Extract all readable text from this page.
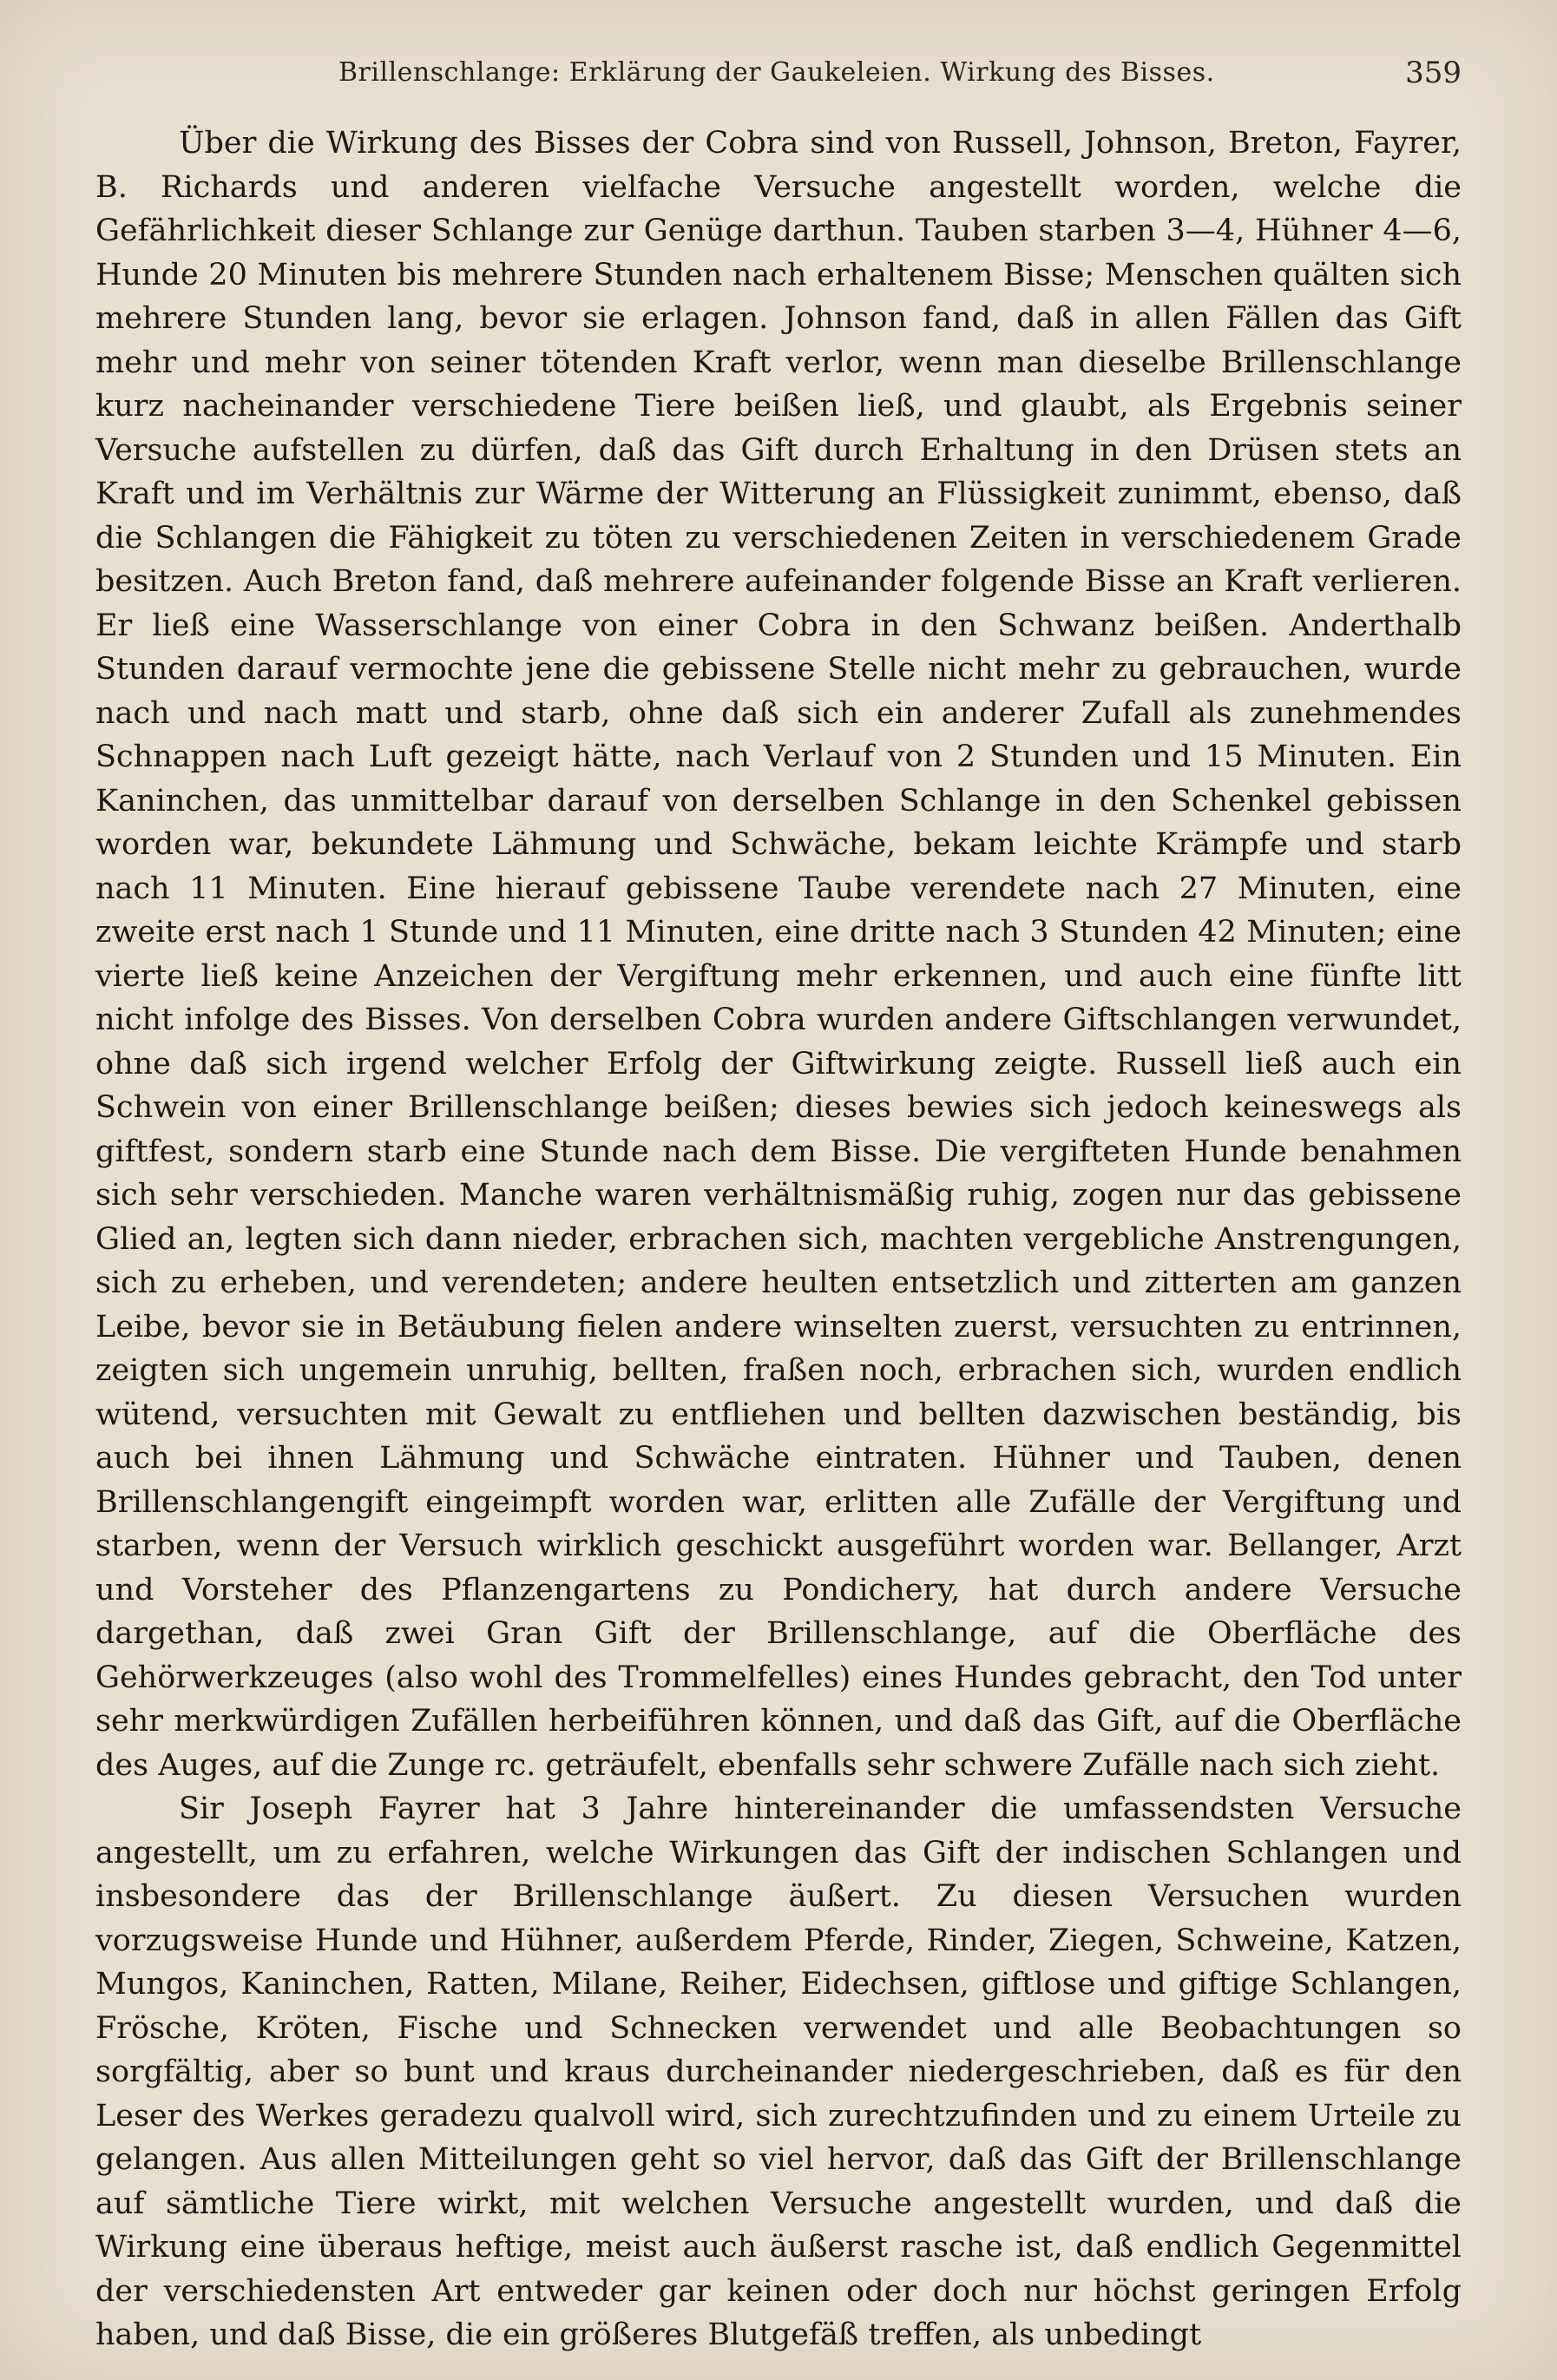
Brillenschlange: Erklärung der Gaukeleien. Wirkung des Bisses.	359

Über die Wirkung des Bisses der Cobra sind von Russell, Johnson, Breton, Fayrer, B. Richards und anderen vielfache Versuche angestellt worden, welche die Gefährlichkeit dieser Schlange zur Genüge darthun. Tauben starben 3—4, Hühner 4—6, Hunde 20 Minuten bis mehrere Stunden nach erhaltenem Bisse; Menschen quälten sich mehrere Stunden lang, bevor sie erlagen. Johnson fand, daß in allen Fällen das Gift mehr und mehr von seiner tötenden Kraft verlor, wenn man dieselbe Brillenschlange kurz nacheinander verschiedene Tiere beißen ließ, und glaubt, als Ergebnis seiner Versuche aufstellen zu dürfen, daß das Gift durch Erhaltung in den Drüsen stets an Kraft und im Verhältnis zur Wärme der Witterung an Flüssigkeit zunimmt, ebenso, daß die Schlangen die Fähigkeit zu töten zu verschiedenen Zeiten in verschiedenem Grade besitzen. Auch Breton fand, daß mehrere aufeinander folgende Bisse an Kraft verlieren. Er ließ eine Wasserschlange von einer Cobra in den Schwanz beißen. Anderthalb Stunden darauf vermochte jene die gebissene Stelle nicht mehr zu gebrauchen, wurde nach und nach matt und starb, ohne daß sich ein anderer Zufall als zunehmendes Schnappen nach Luft gezeigt hätte, nach Verlauf von 2 Stunden und 15 Minuten. Ein Kaninchen, das unmittelbar darauf von derselben Schlange in den Schenkel gebissen worden war, bekundete Lähmung und Schwäche, bekam leichte Krämpfe und starb nach 11 Minuten. Eine hierauf gebissene Taube verendete nach 27 Minuten, eine zweite erst nach 1 Stunde und 11 Minuten, eine dritte nach 3 Stunden 42 Minuten; eine vierte ließ keine Anzeichen der Vergiftung mehr erkennen, und auch eine fünfte litt nicht infolge des Bisses. Von derselben Cobra wurden andere Giftschlangen verwundet, ohne daß sich irgend welcher Erfolg der Giftwirkung zeigte. Russell ließ auch ein Schwein von einer Brillenschlange beißen; dieses bewies sich jedoch keineswegs als giftfest, sondern starb eine Stunde nach dem Bisse. Die vergifteten Hunde benahmen sich sehr verschieden. Manche waren verhältnismäßig ruhig, zogen nur das gebissene Glied an, legten sich dann nieder, erbrachen sich, machten vergebliche Anstrengungen, sich zu erheben, und verendeten; andere heulten entsetzlich und zitterten am ganzen Leibe, bevor sie in Betäubung fielen andere winselten zuerst, versuchten zu entrinnen, zeigten sich ungemein unruhig, bellten, fraßen noch, erbrachen sich, wurden endlich wütend, versuchten mit Gewalt zu entfliehen und bellten dazwischen beständig, bis auch bei ihnen Lähmung und Schwäche eintraten. Hühner und Tauben, denen Brillenschlangengift eingeimpft worden war, erlitten alle Zufälle der Vergiftung und starben, wenn der Versuch wirklich geschickt ausgeführt worden war. Bellanger, Arzt und Vorsteher des Pflanzengartens zu Pondichery, hat durch andere Versuche dargethan, daß zwei Gran Gift der Brillenschlange, auf die Oberfläche des Gehörwerkzeuges (also wohl des Trommelfelles) eines Hundes gebracht, den Tod unter sehr merkwürdigen Zufällen herbeiführen können, und daß das Gift, auf die Oberfläche des Auges, auf die Zunge rc. geträufelt, ebenfalls sehr schwere Zufälle nach sich zieht.

Sir Joseph Fayrer hat 3 Jahre hintereinander die umfassendsten Versuche angestellt, um zu erfahren, welche Wirkungen das Gift der indischen Schlangen und insbesondere das der Brillenschlange äußert. Zu diesen Versuchen wurden vorzugsweise Hunde und Hühner, außerdem Pferde, Rinder, Ziegen, Schweine, Katzen, Mungos, Kaninchen, Ratten, Milane, Reiher, Eidechsen, giftlose und giftige Schlangen, Frösche, Kröten, Fische und Schnecken verwendet und alle Beobachtungen so sorgfältig, aber so bunt und kraus durcheinander niedergeschrieben, daß es für den Leser des Werkes geradezu qualvoll wird, sich zurechtzufinden und zu einem Urteile zu gelangen. Aus allen Mitteilungen geht so viel hervor, daß das Gift der Brillenschlange auf sämtliche Tiere wirkt, mit welchen Versuche angestellt wurden, und daß die Wirkung eine überaus heftige, meist auch äußerst rasche ist, daß endlich Gegenmittel der verschiedensten Art entweder gar keinen oder doch nur höchst geringen Erfolg haben, und daß Bisse, die ein größeres Blutgefäß treffen, als unbedingt
